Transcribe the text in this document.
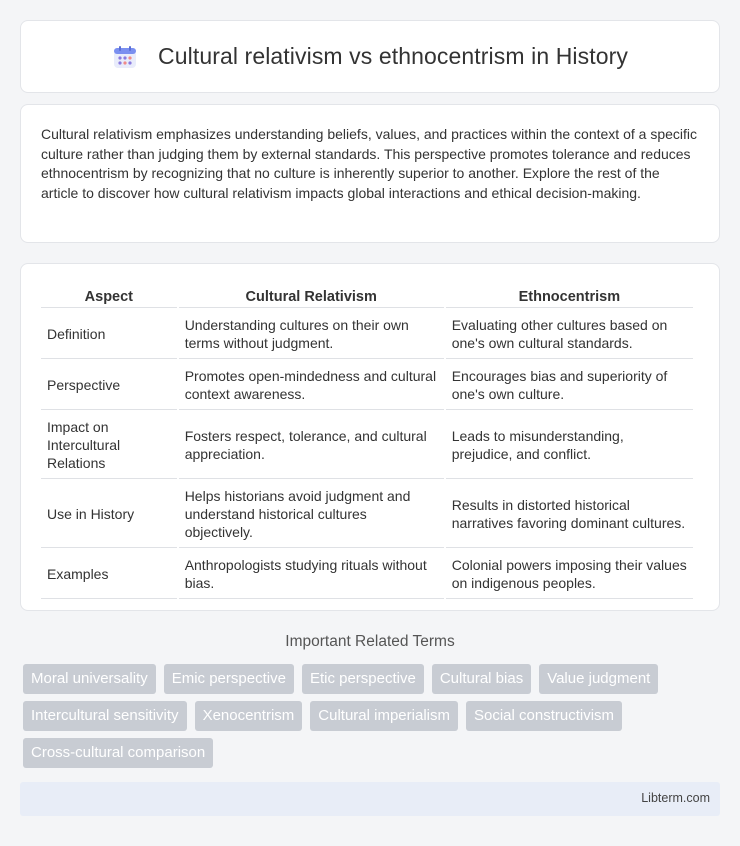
Cultural relativism vs ethnocentrism in History

Cultural relativism emphasizes understanding beliefs, values, and practices within the context of a specific culture rather than judging them by external standards. This perspective promotes tolerance and reduces ethnocentrism by recognizing that no culture is inherently superior to another. Explore the rest of the article to discover how cultural relativism impacts global interactions and ethical decision-making.

Aspect	Cultural Relativism	Ethnocentrism
Definition	Understanding cultures on their own terms without judgment.	Evaluating other cultures based on one's own cultural standards.
Perspective	Promotes open-mindedness and cultural context awareness.	Encourages bias and superiority of one's own culture.
Impact on Intercultural Relations	Fosters respect, tolerance, and cultural appreciation.	Leads to misunderstanding, prejudice, and conflict.
Use in History	Helps historians avoid judgment and understand historical cultures objectively.	Results in distorted historical narratives favoring dominant cultures.
Examples	Anthropologists studying rituals without bias.	Colonial powers imposing their values on indigenous peoples.
Important Related Terms
Moral universality	Emic perspective	Etic perspective	Cultural bias	Value judgment
Intercultural sensitivity	Xenocentrism	Cultural imperialism	Social constructivism
Cross-cultural comparison
Libterm.com
